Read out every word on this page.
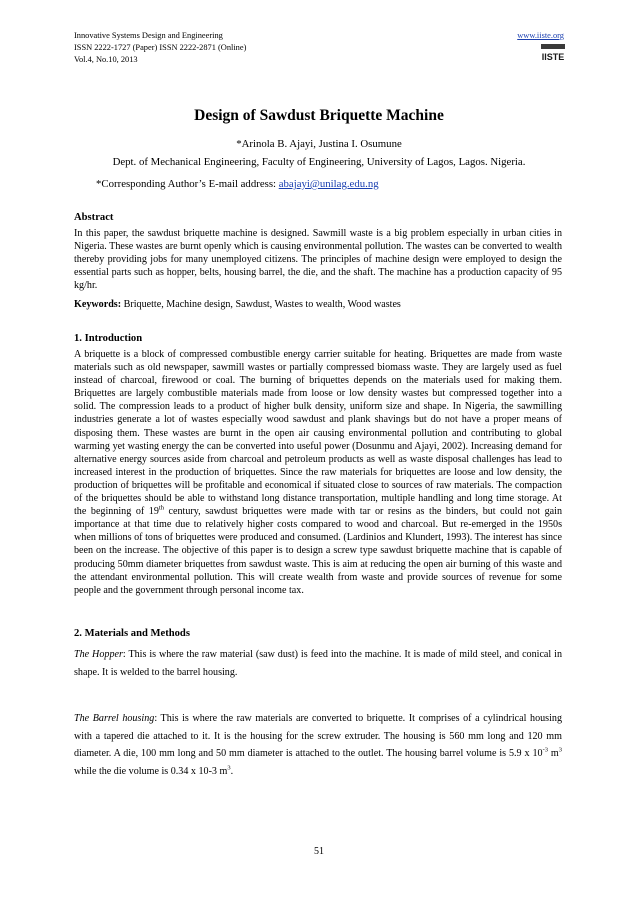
Innovative Systems Design and Engineering
ISSN 2222-1727 (Paper) ISSN 2222-2871 (Online)
Vol.4, No.10, 2013
www.iiste.org
IISTE
Design of Sawdust Briquette Machine
*Arinola B. Ajayi, Justina I. Osumune
Dept. of Mechanical Engineering, Faculty of Engineering, University of Lagos, Lagos. Nigeria.
*Corresponding Author’s E-mail address: abajayi@unilag.edu.ng
Abstract
In this paper, the sawdust briquette machine is designed. Sawmill waste is a big problem especially in urban cities in Nigeria. These wastes are burnt openly which is causing environmental pollution. The wastes can be converted to wealth thereby providing jobs for many unemployed citizens. The principles of machine design were employed to design the essential parts such as hopper, belts, housing barrel, the die, and the shaft. The machine has a production capacity of 95 kg/hr.
Keywords: Briquette, Machine design, Sawdust, Wastes to wealth, Wood wastes
1. Introduction
A briquette is a block of compressed combustible energy carrier suitable for heating. Briquettes are made from waste materials such as old newspaper, sawmill wastes or partially compressed biomass waste. They are largely used as fuel instead of charcoal, firewood or coal. The burning of briquettes depends on the materials used for making them. Briquettes are largely combustible materials made from loose or low density wastes but compressed together into a solid. The compression leads to a product of higher bulk density, uniform size and shape. In Nigeria, the sawmilling industries generate a lot of wastes especially wood sawdust and plank shavings but do not have a proper means of disposing them. These wastes are burnt in the open air causing environmental pollution and contributing to global warming yet wasting energy the can be converted into useful power (Dosunmu and Ajayi, 2002). Increasing demand for alternative energy sources aside from charcoal and petroleum products as well as waste disposal challenges has lead to increased interest in the production of briquettes. Since the raw materials for briquettes are loose and low density, the production of briquettes will be profitable and economical if situated close to sources of raw materials. The compaction of the briquettes should be able to withstand long distance transportation, multiple handling and long time storage. At the beginning of 19th century, sawdust briquettes were made with tar or resins as the binders, but could not gain importance at that time due to relatively higher costs compared to wood and charcoal. But re-emerged in the 1950s when millions of tons of briquettes were produced and consumed. (Lardinios and Klundert, 1993). The interest has since been on the increase. The objective of this paper is to design a screw type sawdust briquette machine that is capable of producing 50mm diameter briquettes from sawdust waste. This is aim at reducing the open air burning of this waste and the attendant environmental pollution. This will create wealth from waste and provide sources of revenue for some people and the government through personal income tax.
2. Materials and Methods
The Hopper: This is where the raw material (saw dust) is feed into the machine. It is made of mild steel, and conical in shape. It is welded to the barrel housing.
The Barrel housing: This is where the raw materials are converted to briquette. It comprises of a cylindrical housing with a tapered die attached to it. It is the housing for the screw extruder. The housing is 560 mm long and 120 mm diameter. A die, 100 mm long and 50 mm diameter is attached to the outlet. The housing barrel volume is 5.9 x $10^{-3}$ $m^3$ while the die volume is 0.34 x 10-3 $m^3$.
51
